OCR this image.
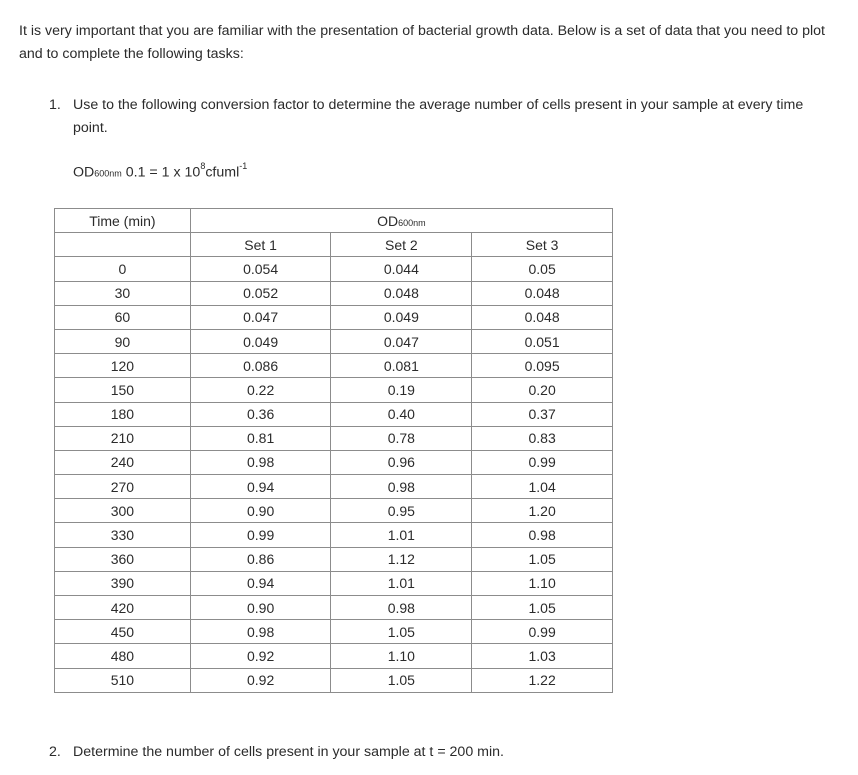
It is very important that you are familiar with the presentation of bacterial growth data. Below is a set of data that you need to plot and to complete the following tasks:
1. Use to the following conversion factor to determine the average number of cells present in your sample at every time point.
OD600nm 0.1 = 1 x $10^8cfuml^{-1}$
Time (min)	OD600nm		
	Set 1	Set 2	Set 3
0	0.054	0.044	0.05
30	0.052	0.048	0.048
60	0.047	0.049	0.048
90	0.049	0.047	0.051
120	0.086	0.081	0.095
150	0.22	0.19	0.20
180	0.36	0.40	0.37
210	0.81	0.78	0.83
240	0.98	0.96	0.99
270	0.94	0.98	1.04
300	0.90	0.95	1.20
330	0.99	1.01	0.98
360	0.86	1.12	1.05
390	0.94	1.01	1.10
420	0.90	0.98	1.05
450	0.98	1.05	0.99
480	0.92	1.10	1.03
510	0.92	1.05	1.22
2. Determine the number of cells present in your sample at t = 200 min.
